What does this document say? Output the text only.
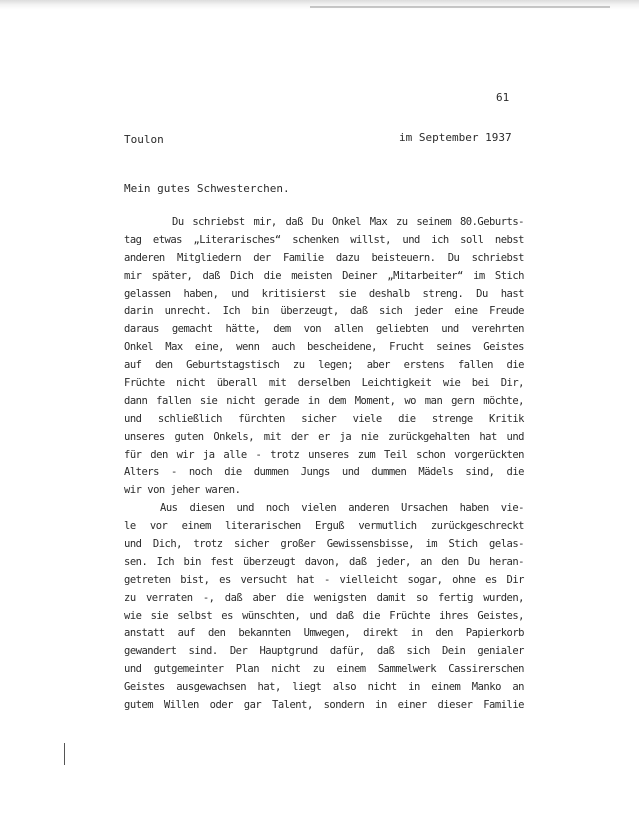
61
Toulon	im September 1937
Mein gutes Schwesterchen.
Du schriebst mir, daß Du Onkel Max zu seinem 80.Geburts-
tag etwas „Literarisches“ schenken willst, und ich soll nebst
anderen Mitgliedern der Familie dazu beisteuern. Du schriebst
mir später, daß Dich die meisten Deiner „Mitarbeiter“ im Stich
gelassen haben, und kritisierst sie deshalb streng. Du hast
darin unrecht. Ich bin überzeugt, daß sich jeder eine Freude
daraus gemacht hätte, dem von allen geliebten und verehrten
Onkel Max eine, wenn auch bescheidene, Frucht seines Geistes
auf den Geburtstagstisch zu legen; aber erstens fallen die
Früchte nicht überall mit derselben Leichtigkeit wie bei Dir,
dann fallen sie nicht gerade in dem Moment, wo man gern möchte,
und schließlich fürchten sicher viele die strenge Kritik
unseres guten Onkels, mit der er ja nie zurückgehalten hat und
für den wir ja alle - trotz unseres zum Teil schon vorgerückten
Alters - noch die dummen Jungs und dummen Mädels sind, die
wir von jeher waren.
Aus diesen und noch vielen anderen Ursachen haben vie-
le vor einem literarischen Erguß vermutlich zurückgeschreckt
und Dich, trotz sicher großer Gewissensbisse, im Stich gelas-
sen. Ich bin fest überzeugt davon, daß jeder, an den Du heran-
getreten bist, es versucht hat - vielleicht sogar, ohne es Dir
zu verraten -, daß aber die wenigsten damit so fertig wurden,
wie sie selbst es wünschten, und daß die Früchte ihres Geistes,
anstatt auf den bekannten Umwegen, direkt in den Papierkorb
gewandert sind. Der Hauptgrund dafür, daß sich Dein genialer
und gutgemeinter Plan nicht zu einem Sammelwerk Cassirerschen
Geistes ausgewachsen hat, liegt also nicht in einem Manko an
gutem Willen oder gar Talent, sondern in einer dieser Familie
